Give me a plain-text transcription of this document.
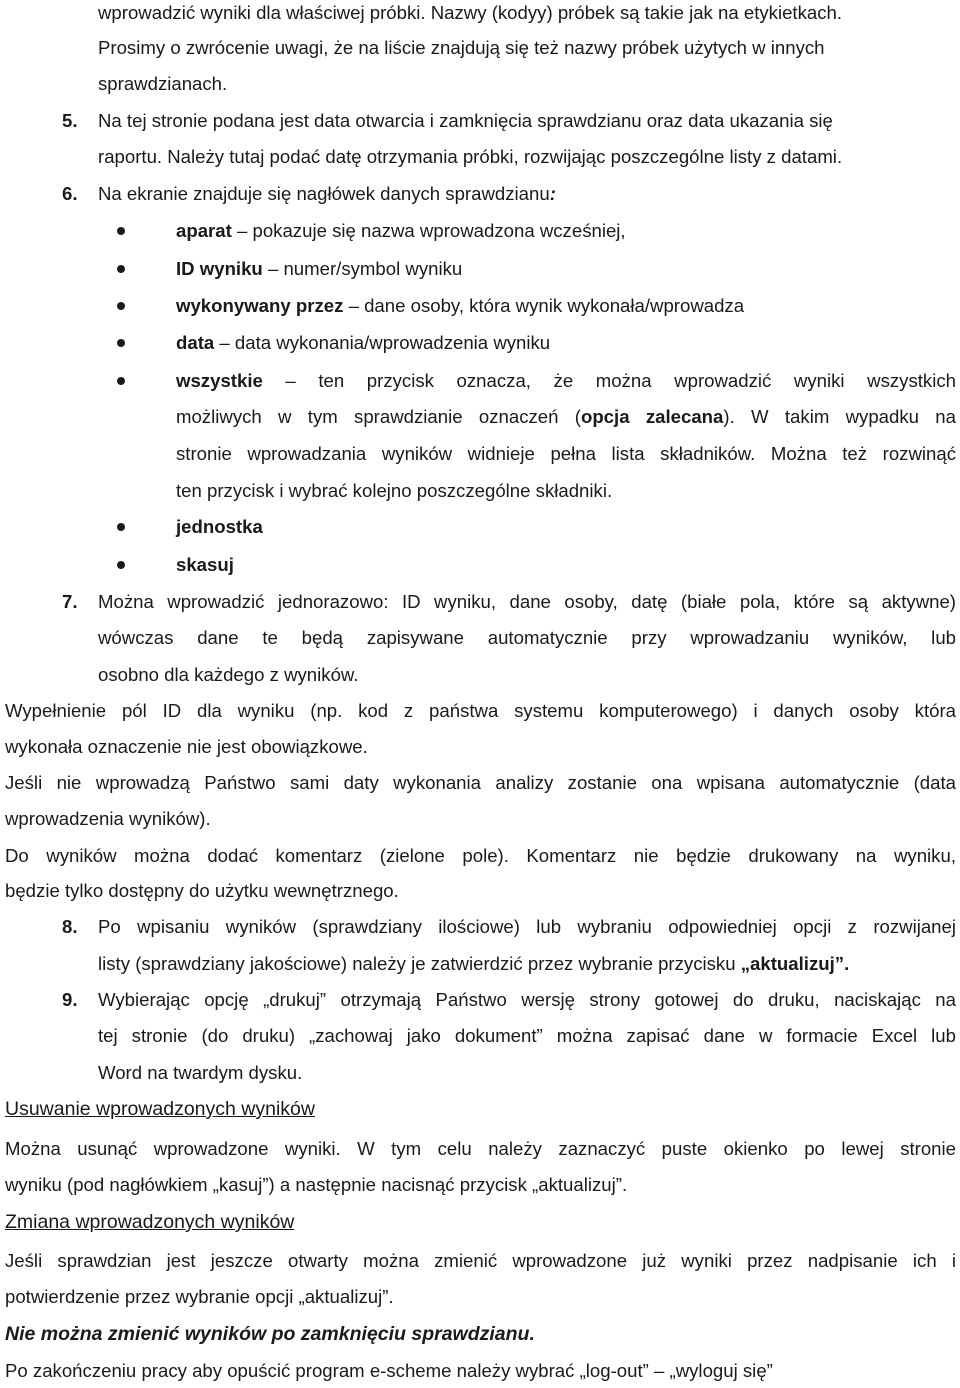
wprowadzić wyniki dla właściwej próbki. Nazwy (kodyy) próbek są takie jak na etykietkach.
Prosimy o zwrócenie uwagi, że na liście znajdują się też nazwy próbek użytych w innych
sprawdzianach.
5. Na tej stronie podana jest data otwarcia i zamknięcia sprawdzianu oraz data ukazania się
raportu. Należy tutaj podać datę otrzymania próbki, rozwijając poszczególne listy z datami.
6. Na ekranie znajduje się nagłówek danych sprawdzianu:
aparat – pokazuje się nazwa wprowadzona wcześniej,
ID wyniku – numer/symbol wyniku
wykonywany przez – dane osoby, która wynik wykonała/wprowadza
data – data wykonania/wprowadzenia wyniku
wszystkie – ten przycisk oznacza, że można wprowadzić wyniki wszystkich
możliwych w tym sprawdzianie oznaczeń (opcja zalecana). W takim wypadku na
stronie wprowadzania wyników widnieje pełna lista składników. Można też rozwinąć
ten przycisk i wybrać kolejno poszczególne składniki.
jednostka
skasuj
7. Można wprowadzić jednorazowo: ID wyniku, dane osoby, datę (białe pola, które są aktywne)
wówczas dane te będą zapisywane automatycznie przy wprowadzaniu wyników, lub
osobno dla każdego z wyników.
Wypełnienie pól ID dla wyniku (np. kod z państwa systemu komputerowego) i danych osoby która
wykonała oznaczenie nie jest obowiązkowe.
Jeśli nie wprowadzą Państwo sami daty wykonania analizy zostanie ona wpisana automatycznie (data
wprowadzenia wyników).
Do wyników można dodać komentarz (zielone pole). Komentarz nie będzie drukowany na wyniku,
będzie tylko dostępny do użytku wewnętrznego.
8. Po wpisaniu wyników (sprawdziany ilościowe) lub wybraniu odpowiedniej opcji z rozwijanej
listy (sprawdziany jakościowe) należy je zatwierdzić przez wybranie przycisku „aktualizuj”.
9. Wybierając opcję „drukuj” otrzymają Państwo wersję strony gotowej do druku, naciskając na
tej stronie (do druku) „zachowaj jako dokument” można zapisać dane w formacie Excel lub
Word na twardym dysku.
Usuwanie wprowadzonych wyników
Można usunąć wprowadzone wyniki. W tym celu należy zaznaczyć puste okienko po lewej stronie
wyniku (pod nagłówkiem „kasuj”) a następnie nacisnąć przycisk „aktualizuj”.
Zmiana wprowadzonych wyników
Jeśli sprawdzian jest jeszcze otwarty można zmienić wprowadzone już wyniki przez nadpisanie ich i
potwierdzenie przez wybranie opcji „aktualizuj”.
Nie można zmienić wyników po zamknięciu sprawdzianu.
Po zakończeniu pracy aby opuścić program e-scheme należy wybrać „log-out” – „wyloguj się”
